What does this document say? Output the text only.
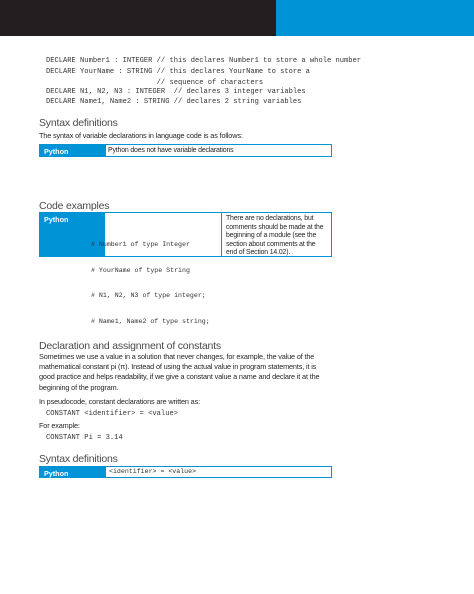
DECLARE Number1 : INTEGER // this declares Number1 to store a whole number
DECLARE YourName : STRING // this declares YourName to store a
// sequence of characters
DECLARE N1, N2, N3 : INTEGER  // declares 3 integer variables
DECLARE Name1, Name2 : STRING // declares 2 string variables
Syntax definitions
The syntax of variable declarations in language code is as follows:
Python	Python does not have variable declarations
Code examples
Python

# Number1 of type Integer

# YourName of type String

# N1, N2, N3 of type integer;

# Name1, Name2 of type string;

There are no declarations, but
comments should be made at the
beginning of a module (see the
section about comments at the
end of Section 14.02).
Declaration and assignment of constants
Sometimes we use a value in a solution that never changes, for example, the value of the
mathematical constant pi (π). Instead of using the actual value in program statements, it is
good practice and helps readability, if we give a constant value a name and declare it at the
beginning of the program.
In pseudocode, constant declarations are written as:
CONSTANT <identifier> = <value>
For example:
CONSTANT Pi = 3.14
Syntax definitions
Python	<identifier> = <value>
